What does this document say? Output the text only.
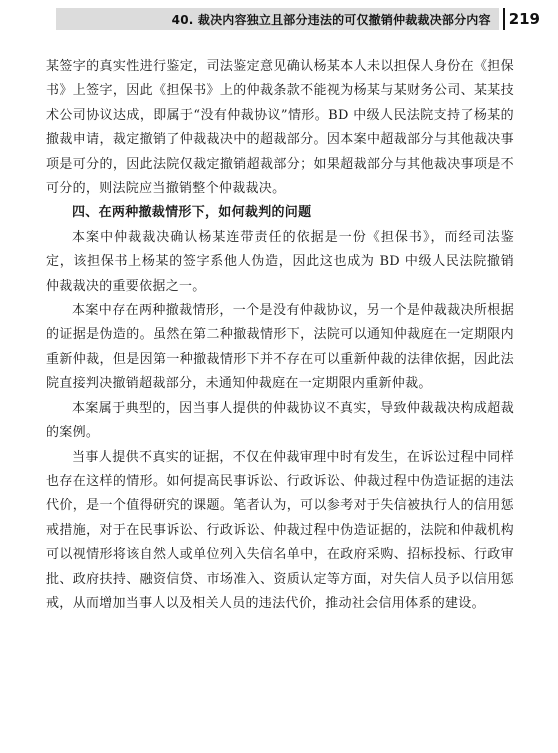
40. 裁决内容独立且部分违法的可仅撤销仲裁裁决部分内容	219

某签字的真实性进行鉴定，司法鉴定意见确认杨某本人未以担保人身份在《担保书》上签字，因此《担保书》上的仲裁条款不能视为杨某与某财务公司、某某技术公司协议达成，即属于“没有仲裁协议”情形。BD 中级人民法院支持了杨某的撤裁申请，裁定撤销了仲裁裁决中的超裁部分。因本案中超裁部分与其他裁决事项是可分的，因此法院仅裁定撤销超裁部分；如果超裁部分与其他裁决事项是不可分的，则法院应当撤销整个仲裁裁决。

四、在两种撤裁情形下，如何裁判的问题

本案中仲裁裁决确认杨某连带责任的依据是一份《担保书》，而经司法鉴定，该担保书上杨某的签字系他人伪造，因此这也成为 BD 中级人民法院撤销仲裁裁决的重要依据之一。

本案中存在两种撤裁情形，一个是没有仲裁协议，另一个是仲裁裁决所根据的证据是伪造的。虽然在第二种撤裁情形下，法院可以通知仲裁庭在一定期限内重新仲裁，但是因第一种撤裁情形下并不存在可以重新仲裁的法律依据，因此法院直接判决撤销超裁部分，未通知仲裁庭在一定期限内重新仲裁。

本案属于典型的，因当事人提供的仲裁协议不真实，导致仲裁裁决构成超裁的案例。

当事人提供不真实的证据，不仅在仲裁审理中时有发生，在诉讼过程中同样也存在这样的情形。如何提高民事诉讼、行政诉讼、仲裁过程中伪造证据的违法代价，是一个值得研究的课题。笔者认为，可以参考对于失信被执行人的信用惩戒措施，对于在民事诉讼、行政诉讼、仲裁过程中伪造证据的，法院和仲裁机构可以视情形将该自然人或单位列入失信名单中，在政府采购、招标投标、行政审批、政府扶持、融资信贷、市场准入、资质认定等方面，对失信人员予以信用惩戒，从而增加当事人以及相关人员的违法代价，推动社会信用体系的建设。
